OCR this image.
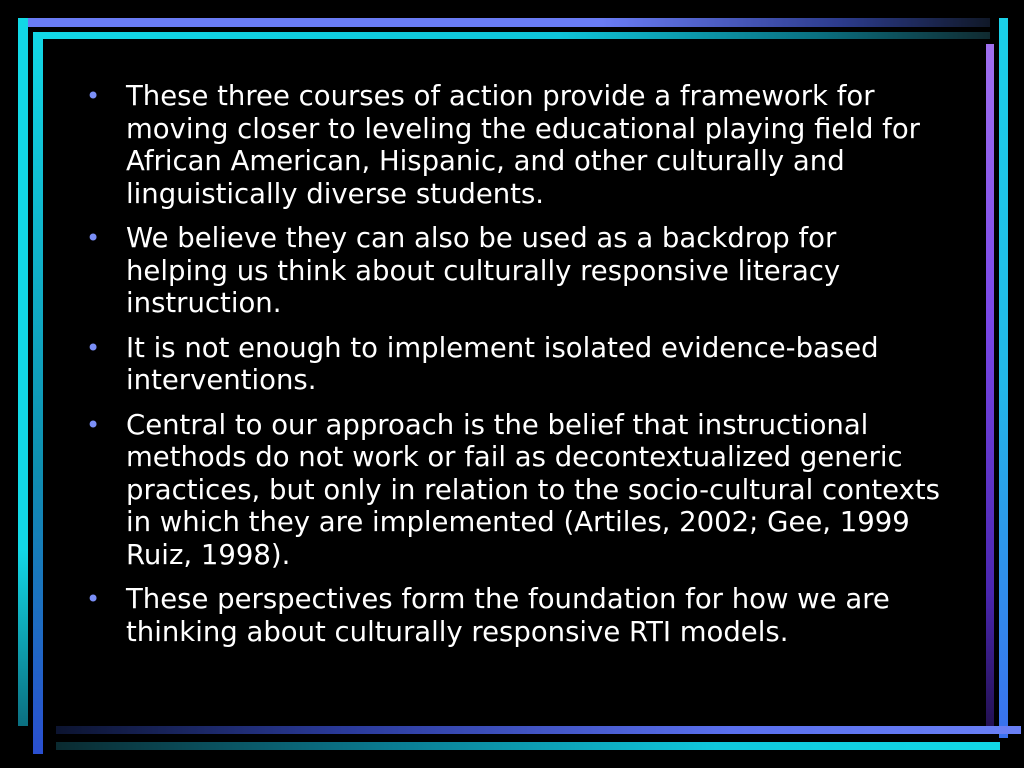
• These three courses of action provide a framework for moving closer to leveling the educational playing field for African American, Hispanic, and other culturally and linguistically diverse students.
• We believe they can also be used as a backdrop for helping us think about culturally responsive literacy instruction.
• It is not enough to implement isolated evidence-based interventions.
• Central to our approach is the belief that instructional methods do not work or fail as decontextualized generic practices, but only in relation to the socio-cultural contexts in which they are implemented (Artiles, 2002; Gee, 1999 Ruiz, 1998).
• These perspectives form the foundation for how we are thinking about culturally responsive RTI models.
